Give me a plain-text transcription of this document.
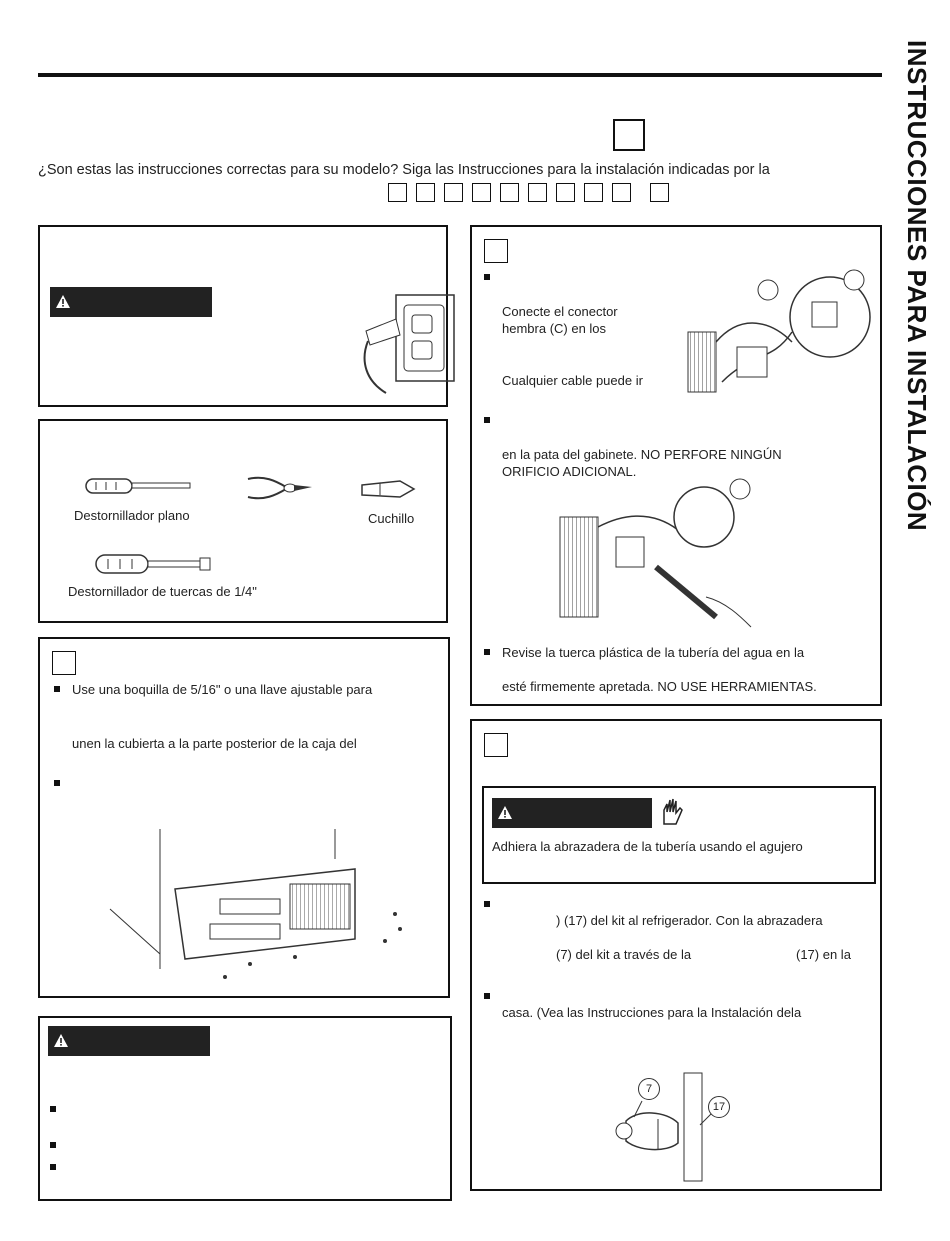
INSTRUCCIONES PARA INSTALACIÓN
¿Son estas las instrucciones correctas para su modelo? Siga las Instrucciones para la instalación indicadas por la
Destornillador plano	Cuchillo
Destornillador de tuercas de 1/4"
Use una boquilla de 5/16" o una llave ajustable para
unen la cubierta a la parte posterior de la caja del
Conecte el conector
hembra (C) en los
Cualquier cable puede ir
en la pata del gabinete. NO PERFORE NINGÚN
ORIFICIO ADICIONAL.
Revise la tuerca plástica de la tubería del agua en la
esté firmemente apretada. NO USE HERRAMIENTAS.
Adhiera la abrazadera de la tubería usando el agujero
) (17) del kit al refrigerador. Con la abrazadera
(7) del kit a través de la	(17) en la
casa. (Vea las Instrucciones para la Instalación dela
7
17
